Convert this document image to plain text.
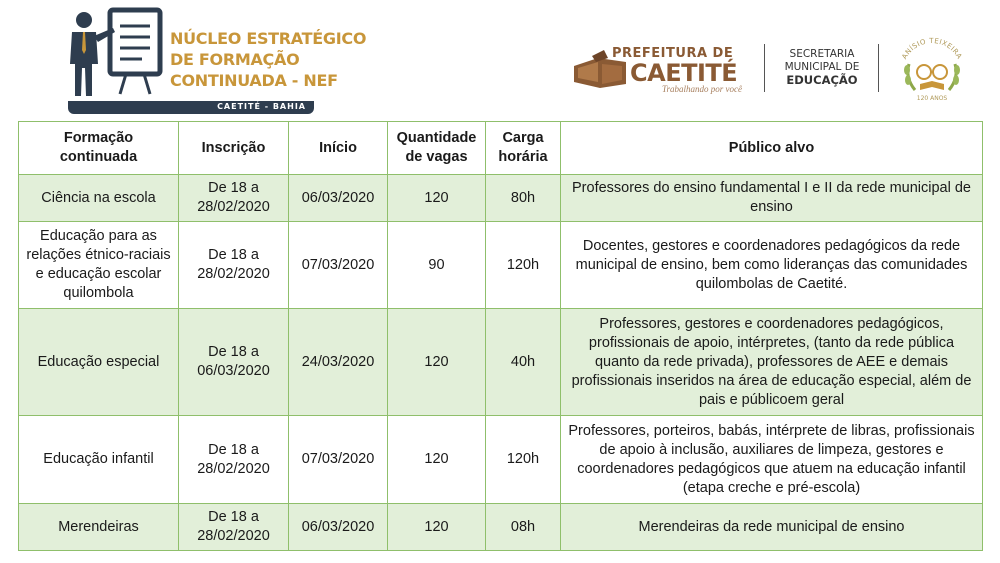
NÚCLEO ESTRATÉGICO
DE FORMAÇÃO
CONTINUADA - NEF
CAETITÉ - BAHIA
PREFEITURA DE
CAETITÉ
Trabalhando por você
SECRETARIA
MUNICIPAL DE
EDUCAÇÃO
ANÍSIO TEIXEIRA
120 ANOS
Formação continuada	Inscrição	Início	Quantidade de vagas	Carga horária	Público alvo
Ciência na escola	De 18 a 28/02/2020	06/03/2020	120	80h	Professores do ensino fundamental I e II da rede municipal de ensino
Educação para as relações étnico-raciais e educação escolar quilombola	De 18 a 28/02/2020	07/03/2020	90	120h	Docentes, gestores e coordenadores pedagógicos da rede municipal de ensino, bem como lideranças das comunidades quilombolas de Caetité.
Educação especial	De 18 a 06/03/2020	24/03/2020	120	40h	Professores, gestores e coordenadores pedagógicos, profissionais de apoio, intérpretes, (tanto da rede pública quanto da rede privada), professores de AEE e demais profissionais inseridos na área de educação especial, além de pais e públicoem geral
Educação infantil	De 18 a 28/02/2020	07/03/2020	120	120h	Professores, porteiros, babás, intérprete de libras, profissionais de apoio à inclusão, auxiliares de limpeza, gestores e coordenadores pedagógicos que atuem na educação infantil (etapa creche e pré-escola)
Merendeiras	De 18 a 28/02/2020	06/03/2020	120	08h	Merendeiras da rede municipal de ensino
